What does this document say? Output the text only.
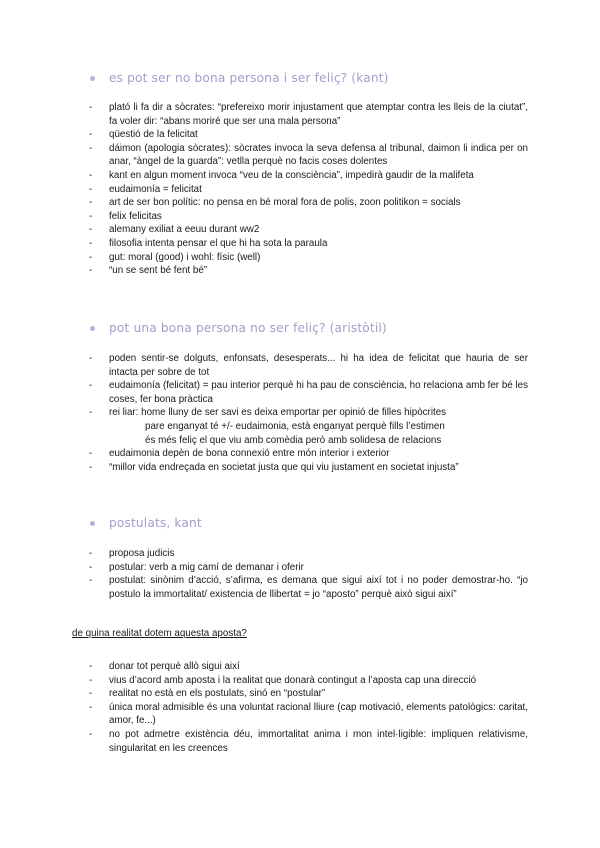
es pot ser no bona persona i ser feliç? (kant)
- plató li fa dir a sòcrates: “prefereixo morir injustament que atemptar contra les lleis de la ciutat”, fa voler dir: “abans moriré que ser una mala persona”
- qüestió de la felicitat
- dáimon (apologia sòcrates): sòcrates invoca la seva defensa al tribunal, daimon li indica per on anar, “àngel de la guarda”: vetlla perquè no facis coses dolentes
- kant en algun moment invoca “veu de la consciència”, impedirà gaudir de la malifeta
- eudaimonía = felicitat
- art de ser bon polític: no pensa en bé moral fora de polis, zoon politikon = socials
- felix felicitas
- alemany exiliat a eeuu durant ww2
- filosofia intenta pensar el que hi ha sota la paraula
- gut: moral (good) i wohl: físic (well)
- “un se sent bé fent bé”
pot una bona persona no ser feliç? (aristòtil)
- poden sentir-se dolguts, enfonsats, desesperats... hi ha idea de felicitat que hauria de ser intacta per sobre de tot
- eudaimonía (felicitat) = pau interior perquè hi ha pau de consciència, ho relaciona amb fer bé les coses, fer bona pràctica
- rei liar: home lluny de ser savi es deixa emportar per opinió de filles hipòcrites
pare enganyat té +/- eudaimonia, està enganyat perquè fills l’estimen
és més feliç el que viu amb comèdia però amb solidesa de relacions
- eudaimonia depèn de bona connexió entre món interior i exterior
- “millor vida endreçada en societat justa que qui viu justament en societat injusta”
postulats, kant
- proposa judicis
- postular: verb a mig camí de demanar i oferir
- postulat: sinònim d’acció, s’afirma, es demana que sigui així tot i no poder demostrar-ho. “jo postulo la immortalitat/ existencia de llibertat = jo “aposto” perquè això sigui així”
de quina realitat dotem aquesta aposta?
- donar tot perquè allò sigui així
- vius d’acord amb aposta i la realitat que donarà contingut a l’aposta cap una direcció
- realitat no està en els postulats, sinó en “postular”
- única moral admisible és una voluntat racional lliure (cap motivació, elements patològics: caritat, amor, fe...)
- no pot admetre existència déu, immortalitat anima i mon intel·ligible: impliquen relativisme, singularitat en les creences
